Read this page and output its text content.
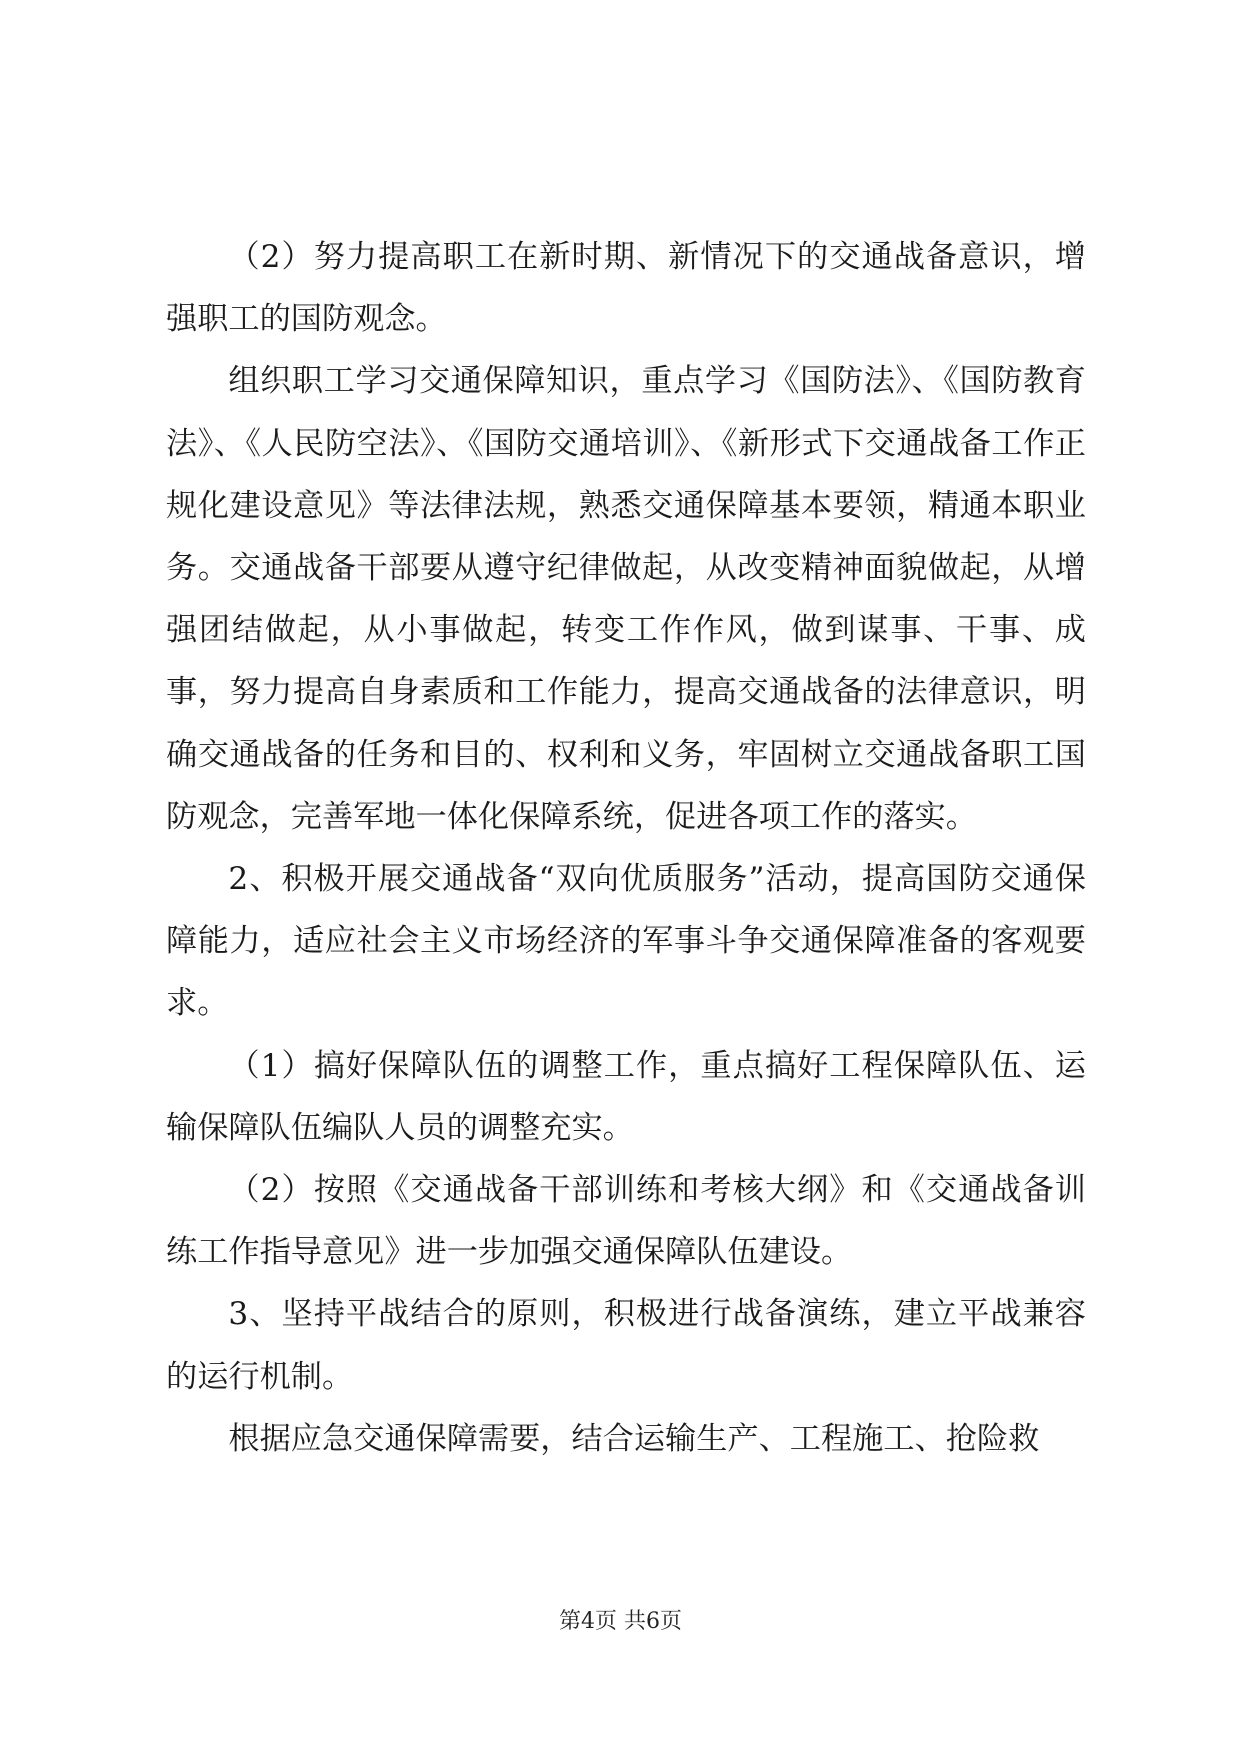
（2）努力提高职工在新时期、新情况下的交通战备意识，增强职工的国防观念。

组织职工学习交通保障知识，重点学习《国防法》、《国防教育法》、《人民防空法》、《国防交通培训》、《新形式下交通战备工作正规化建设意见》等法律法规，熟悉交通保障基本要领，精通本职业务。交通战备干部要从遵守纪律做起，从改变精神面貌做起，从增强团结做起，从小事做起，转变工作作风，做到谋事、干事、成事，努力提高自身素质和工作能力，提高交通战备的法律意识，明确交通战备的任务和目的、权利和义务，牢固树立交通战备职工国防观念，完善军地一体化保障系统，促进各项工作的落实。

2、积极开展交通战备“双向优质服务”活动，提高国防交通保障能力，适应社会主义市场经济的军事斗争交通保障准备的客观要求。

（1）搞好保障队伍的调整工作，重点搞好工程保障队伍、运输保障队伍编队人员的调整充实。

（2）按照《交通战备干部训练和考核大纲》和《交通战备训练工作指导意见》进一步加强交通保障队伍建设。

3、坚持平战结合的原则，积极进行战备演练，建立平战兼容的运行机制。

根据应急交通保障需要，结合运输生产、工程施工、抢险救

第4页 共6页
